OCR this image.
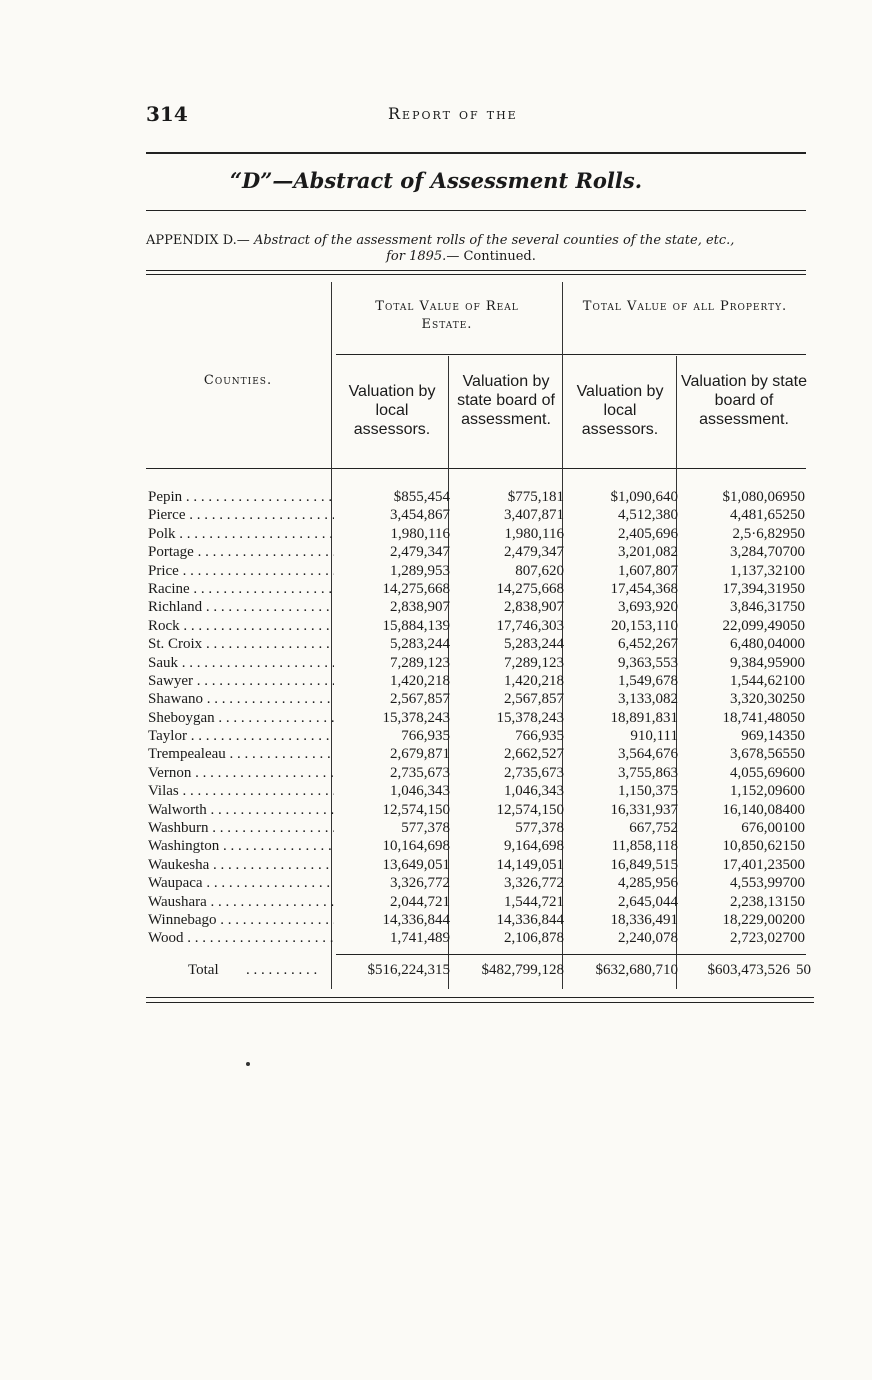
314	Report of the
“D”—Abstract of Assessment Rolls.
APPENDIX D.— Abstract of the assessment rolls of the several counties of the state, etc.,
for 1895.— Continued.
Counties.
Total Value of Real Estate.
Total Value of all Property.
Valuation by local assessors.
Valuation by state board of assessment.
Valuation by local assessors.
Valuation by state board of assessment.
Pepin . . .	$855,454	$775,181	$1,090,640	$1,080,069 50
Pierce . . .	3,454,867	3,407,871	4,512,380	4,481,652 50
Polk . . .	1,980,116	1,980,116	2,405,696	2,5·6,829 50
Portage . . .	2,479,347	2,479,347	3,201,082	3,284,707 00
Price . . .	1,289,953	807,620	1,607,807	1,137,321 00
Racine . . .	14,275,668	14,275,668	17,454,368	17,394,319 50
Richland . . .	2,838,907	2,838,907	3,693,920	3,846,317 50
Rock . . .	15,884,139	17,746,303	20,153,110	22,099,490 50
St. Croix . . .	5,283,244	5,283,244	6,452,267	6,480,040 00
Sauk . . .	7,289,123	7,289,123	9,363,553	9,384,959 00
Sawyer . . .	1,420,218	1,420,218	1,549,678	1,544,621 00
Shawano . . .	2,567,857	2,567,857	3,133,082	3,320,302 50
Sheboygan . . .	15,378,243	15,378,243	18,891,831	18,741,480 50
Taylor . . .	766,935	766,935	910,111	969,143 50
Trempealeau . . .	2,679,871	2,662,527	3,564,676	3,678,565 50
Vernon . . .	2,735,673	2,735,673	3,755,863	4,055,696 00
Vilas . . .	1,046,343	1,046,343	1,150,375	1,152,096 00
Walworth . . .	12,574,150	12,574,150	16,331,937	16,140,084 00
Washburn . . .	577,378	577,378	667,752	676,001 00
Washington . . .	10,164,698	9,164,698	11,858,118	10,850,621 50
Waukesha . . .	13,649,051	14,149,051	16,849,515	17,401,235 00
Waupaca . . .	3,326,772	3,326,772	4,285,956	4,553,997 00
Waushara . . .	2,044,721	1,544,721	2,645,044	2,238,131 50
Winnebago . . .	14,336,844	14,336,844	18,336,491	18,229,002 00
Wood . . .	1,741,489	2,106,878	2,240,078	2,723,027 00
Total . . . . . . . . . .	$516,224,315 $482,799,128 $632,680,710 $603,473,526 50
